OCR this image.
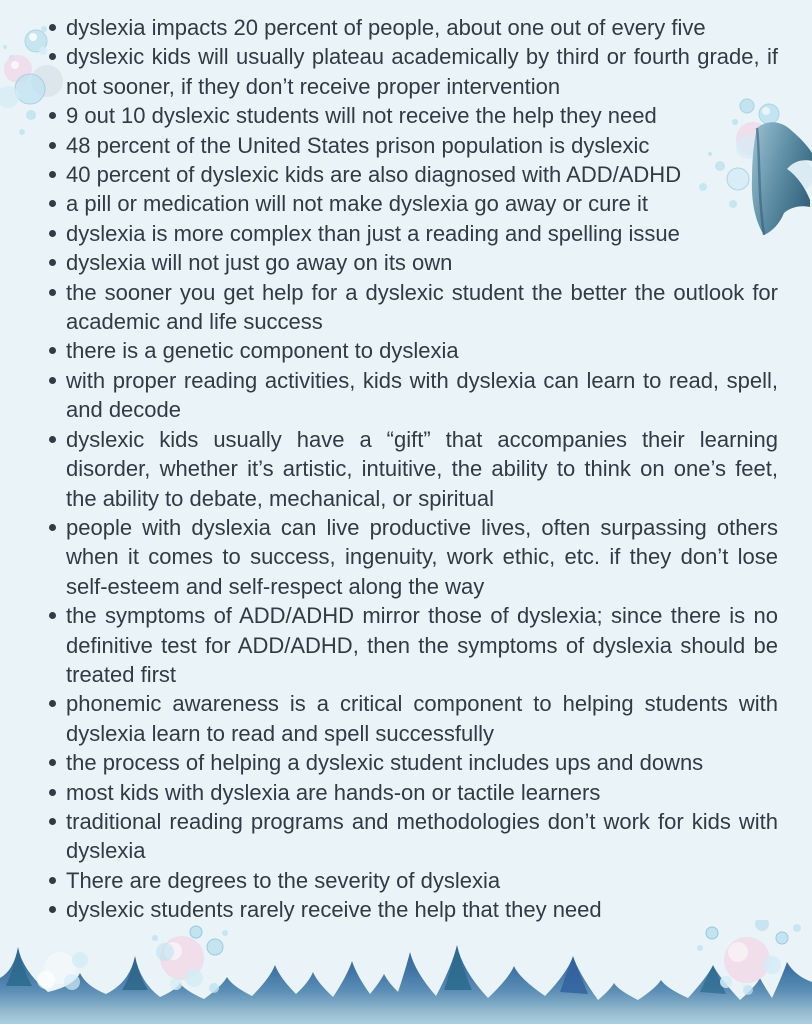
dyslexia impacts 20 percent of people, about one out of every five
dyslexic kids will usually plateau academically by third or fourth grade, if not sooner, if they don’t receive proper intervention
9 out 10 dyslexic students will not receive the help they need
48 percent of the United States prison population is dyslexic
40 percent of dyslexic kids are also diagnosed with ADD/ADHD
a pill or medication will not make dyslexia go away or cure it
dyslexia is more complex than just a reading and spelling issue
dyslexia will not just go away on its own
the sooner you get help for a dyslexic student the better the outlook for academic and life success
there is a genetic component to dyslexia
with proper reading activities, kids with dyslexia can learn to read, spell, and decode
dyslexic kids usually have a “gift” that accompanies their learning disorder, whether it’s artistic, intuitive, the ability to think on one’s feet, the ability to debate, mechanical, or spiritual
people with dyslexia can live productive lives, often surpassing others when it comes to success, ingenuity, work ethic, etc. if they don’t lose self-esteem and self-respect along the way
the symptoms of ADD/ADHD mirror those of dyslexia; since there is no definitive test for ADD/ADHD, then the symptoms of dyslexia should be treated first
phonemic awareness is a critical component to helping students with dyslexia learn to read and spell successfully
the process of helping a dyslexic student includes ups and downs
most kids with dyslexia are hands-on or tactile learners
traditional reading programs and methodologies don’t work for kids with dyslexia
There are degrees to the severity of dyslexia
dyslexic students rarely receive the help that they need
